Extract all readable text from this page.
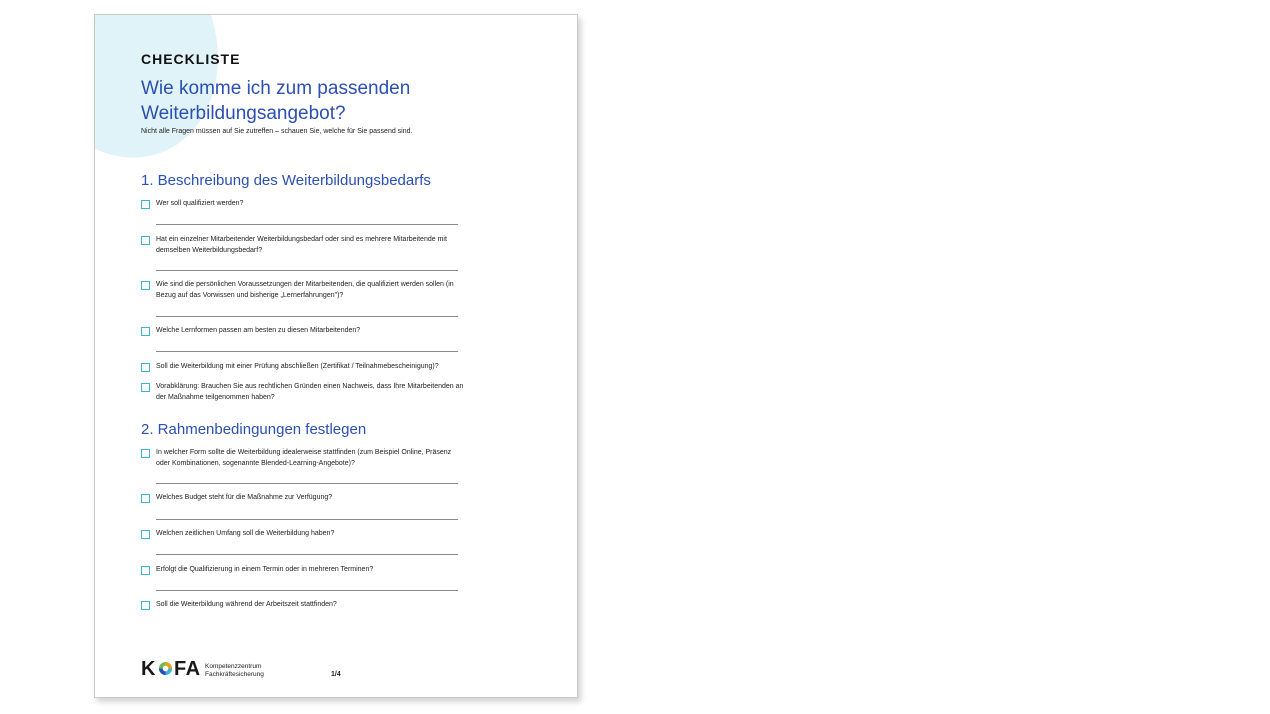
CHECKLISTE
Wie komme ich zum passenden Weiterbildungsangebot?
Nicht alle Fragen müssen auf Sie zutreffen – schauen Sie, welche für Sie passend sind.
1. Beschreibung des Weiterbildungsbedarfs
Wer soll qualifiziert werden?
Hat ein einzelner Mitarbeitender Weiterbildungsbedarf oder sind es mehrere Mitarbeitende mit demselben Weiterbildungsbedarf?
Wie sind die persönlichen Voraussetzungen der Mitarbeitenden, die qualifiziert werden sollen (in Bezug auf das Vorwissen und bisherige „Lernerfahrungen")?
Welche Lernformen passen am besten zu diesen Mitarbeitenden?
Soll die Weiterbildung mit einer Prüfung abschließen (Zertifikat / Teilnahmebescheinigung)?
Vorabklärung: Brauchen Sie aus rechtlichen Gründen einen Nachweis, dass Ihre Mitarbeitenden an der Maßnahme teilgenommen haben?
2. Rahmenbedingungen festlegen
In welcher Form sollte die Weiterbildung idealerweise stattfinden (zum Beispiel Online, Präsenz oder Kombinationen, sogenannte Blended-Learning-Angebote)?
Welches Budget steht für die Maßnahme zur Verfügung?
Welchen zeitlichen Umfang soll die Weiterbildung haben?
Erfolgt die Qualifizierung in einem Termin oder in mehreren Terminen?
Soll die Weiterbildung während der Arbeitszeit stattfinden?
K FA Kompetenzzentrum
Fachkräftesicherung	1/4
